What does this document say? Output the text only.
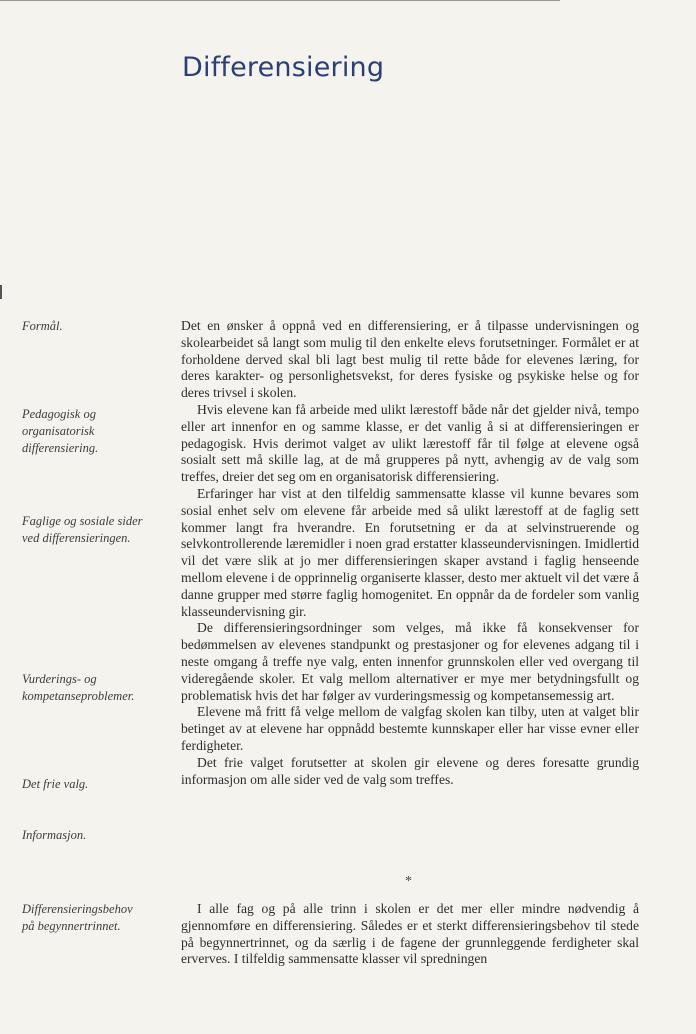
Differensiering
Formål.
Pedagogisk og
organisatorisk
differensiering.
Faglige og sosiale sider
ved differensieringen.
Vurderings- og
kompetanseproblemer.
Det frie valg.
Informasjon.
Differensieringsbehov
på begynnertrinnet.

Det en ønsker å oppnå ved en differensiering, er å tilpasse undervisningen og skolearbeidet så langt som mulig til den enkelte elevs forutsetninger. Formålet er at forholdene derved skal bli lagt best mulig til rette både for elevenes læring, for deres karakter- og personlighetsvekst, for deres fysiske og psykiske helse og for deres trivsel i skolen.

Hvis elevene kan få arbeide med ulikt lærestoff både når det gjelder nivå, tempo eller art innenfor en og samme klasse, er det vanlig å si at differensieringen er pedagogisk. Hvis derimot valget av ulikt lærestoff får til følge at elevene også sosialt sett må skille lag, at de må grupperes på nytt, avhengig av de valg som treffes, dreier det seg om en organisatorisk differensiering.

Erfaringer har vist at den tilfeldig sammensatte klasse vil kunne bevares som sosial enhet selv om elevene får arbeide med så ulikt lærestoff at de faglig sett kommer langt fra hverandre. En forutsetning er da at selvinstruerende og selvkontrollerende læremidler i noen grad erstatter klasseundervisningen. Imidlertid vil det være slik at jo mer differensieringen skaper avstand i faglig henseende mellom elevene i de opprinnelig organiserte klasser, desto mer aktuelt vil det være å danne grupper med større faglig homogenitet. En oppnår da de fordeler som vanlig klasseundervisning gir.

De differensieringsordninger som velges, må ikke få konsekvenser for bedømmelsen av elevenes standpunkt og prestasjoner og for elevenes adgang til i neste omgang å treffe nye valg, enten innenfor grunnskolen eller ved overgang til videregående skoler. Et valg mellom alternativer er mye mer betydningsfullt og problematisk hvis det har følger av vurderingsmessig og kompetansemessig art.

Elevene må fritt få velge mellom de valgfag skolen kan tilby, uten at valget blir betinget av at elevene har oppnådd bestemte kunnskaper eller har visse evner eller ferdigheter.

Det frie valget forutsetter at skolen gir elevene og deres foresatte grundig informasjon om alle sider ved de valg som treffes.

*

I alle fag og på alle trinn i skolen er det mer eller mindre nødvendig å gjennomføre en differensiering. Således er et sterkt differensieringsbehov til stede på begynnertrinnet, og da særlig i de fagene der grunnleggende ferdigheter skal erverves. I tilfeldig sammensatte klasser vil spredningen
